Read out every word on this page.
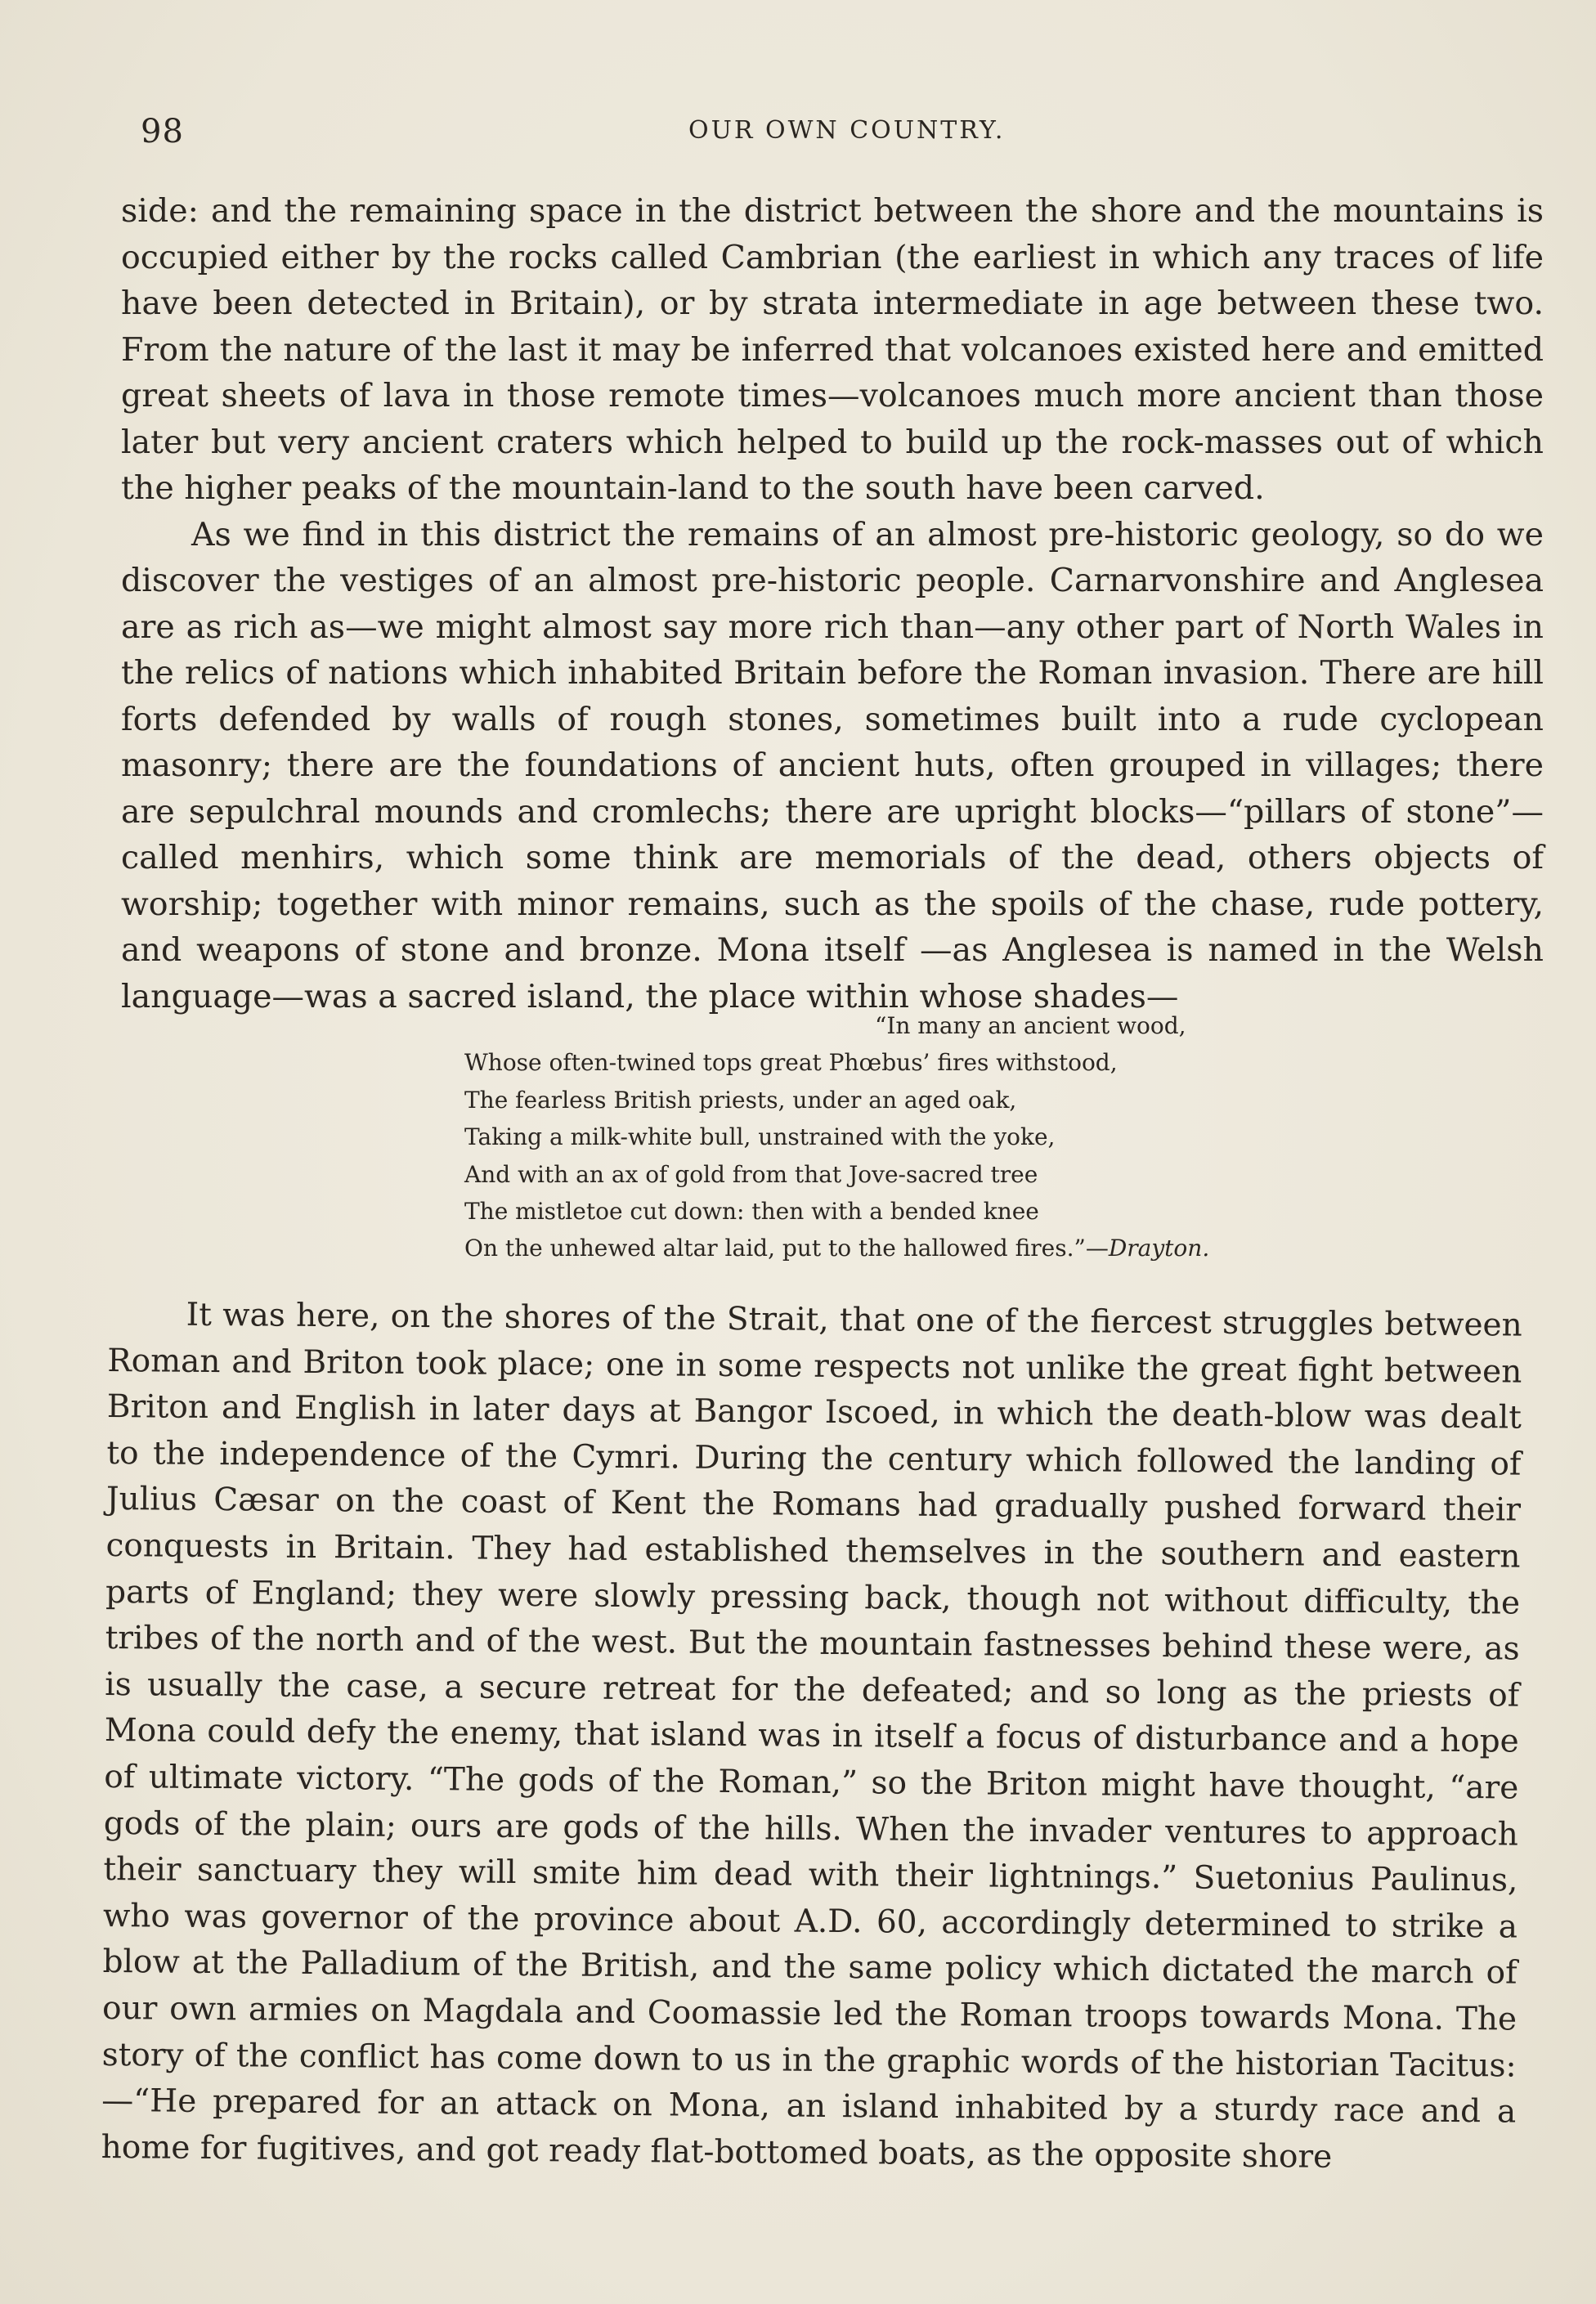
98	OUR OWN COUNTRY.

side: and the remaining space in the district between the shore and the mountains is occupied either by the rocks called Cambrian (the earliest in which any traces of life have been detected in Britain), or by strata intermediate in age between these two. From the nature of the last it may be inferred that volcanoes existed here and emitted great sheets of lava in those remote times—volcanoes much more ancient than those later but very ancient craters which helped to build up the rock-masses out of which the higher peaks of the mountain-land to the south have been carved.

As we find in this district the remains of an almost pre-historic geology, so do we discover the vestiges of an almost pre-historic people. Carnarvonshire and Anglesea are as rich as—we might almost say more rich than—any other part of North Wales in the relics of nations which inhabited Britain before the Roman invasion. There are hill forts defended by walls of rough stones, sometimes built into a rude cyclopean masonry; there are the foundations of ancient huts, often grouped in villages; there are sepulchral mounds and cromlechs; there are upright blocks—“pillars of stone”—called menhirs, which some think are memorials of the dead, others objects of worship; together with minor remains, such as the spoils of the chase, rude pottery, and weapons of stone and bronze. Mona itself —as Anglesea is named in the Welsh language—was a sacred island, the place within whose shades—

“In many an ancient wood,
Whose often-twined tops great Phœbus’ fires withstood,
The fearless British priests, under an aged oak,
Taking a milk-white bull, unstrained with the yoke,
And with an ax of gold from that Jove-sacred tree
The mistletoe cut down: then with a bended knee
On the unhewed altar laid, put to the hallowed fires.”—Drayton.

It was here, on the shores of the Strait, that one of the fiercest struggles between Roman and Briton took place; one in some respects not unlike the great fight between Briton and English in later days at Bangor Iscoed, in which the death-blow was dealt to the independence of the Cymri. During the century which followed the landing of Julius Cæsar on the coast of Kent the Romans had gradually pushed forward their conquests in Britain. They had established themselves in the southern and eastern parts of England; they were slowly pressing back, though not without difficulty, the tribes of the north and of the west. But the mountain fastnesses behind these were, as is usually the case, a secure retreat for the defeated; and so long as the priests of Mona could defy the enemy, that island was in itself a focus of disturbance and a hope of ultimate victory. “The gods of the Roman,” so the Briton might have thought, “are gods of the plain; ours are gods of the hills. When the invader ventures to approach their sanctuary they will smite him dead with their lightnings.” Suetonius Paulinus, who was governor of the province about A.D. 60, accordingly determined to strike a blow at the Palladium of the British, and the same policy which dictated the march of our own armies on Magdala and Coomassie led the Roman troops towards Mona. The story of the conflict has come down to us in the graphic words of the historian Tacitus:—“He prepared for an attack on Mona, an island inhabited by a sturdy race and a home for fugitives, and got ready flat-bottomed boats, as the opposite shore
